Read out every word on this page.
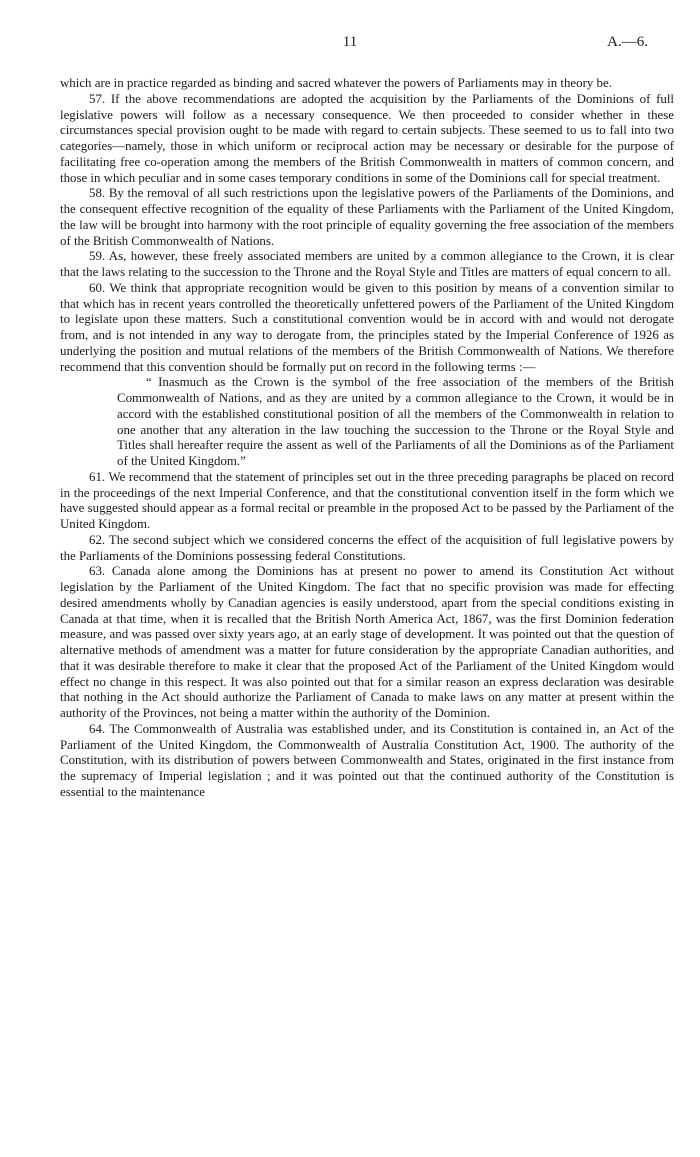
11	A.—6.

which are in practice regarded as binding and sacred whatever the powers of Parliaments may in theory be.

57. If the above recommendations are adopted the acquisition by the Parliaments of the Dominions of full legislative powers will follow as a necessary consequence. We then proceeded to consider whether in these circumstances special provision ought to be made with regard to certain subjects. These seemed to us to fall into two categories—namely, those in which uniform or reciprocal action may be necessary or desirable for the purpose of facilitating free co-operation among the members of the British Commonwealth in matters of common concern, and those in which peculiar and in some cases temporary conditions in some of the Dominions call for special treatment.

58. By the removal of all such restrictions upon the legislative powers of the Parliaments of the Dominions, and the consequent effective recognition of the equality of these Parliaments with the Parliament of the United Kingdom, the law will be brought into harmony with the root principle of equality governing the free association of the members of the British Commonwealth of Nations.

59. As, however, these freely associated members are united by a common allegiance to the Crown, it is clear that the laws relating to the succession to the Throne and the Royal Style and Titles are matters of equal concern to all.

60. We think that appropriate recognition would be given to this position by means of a convention similar to that which has in recent years controlled the theoretically unfettered powers of the Parliament of the United Kingdom to legislate upon these matters. Such a constitutional convention would be in accord with and would not derogate from, and is not intended in any way to derogate from, the principles stated by the Imperial Conference of 1926 as underlying the position and mutual relations of the members of the British Commonwealth of Nations. We therefore recommend that this convention should be formally put on record in the following terms :—

“ Inasmuch as the Crown is the symbol of the free association of the members of the British Commonwealth of Nations, and as they are united by a common allegiance to the Crown, it would be in accord with the established constitutional position of all the members of the Commonwealth in relation to one another that any alteration in the law touching the succession to the Throne or the Royal Style and Titles shall hereafter require the assent as well of the Parliaments of all the Dominions as of the Parliament of the United Kingdom.”

61. We recommend that the statement of principles set out in the three preceding paragraphs be placed on record in the proceedings of the next Imperial Conference, and that the constitutional convention itself in the form which we have suggested should appear as a formal recital or preamble in the proposed Act to be passed by the Parliament of the United Kingdom.

62. The second subject which we considered concerns the effect of the acquisition of full legislative powers by the Parliaments of the Dominions possessing federal Constitutions.

63. Canada alone among the Dominions has at present no power to amend its Constitution Act without legislation by the Parliament of the United Kingdom. The fact that no specific provision was made for effecting desired amendments wholly by Canadian agencies is easily understood, apart from the special conditions existing in Canada at that time, when it is recalled that the British North America Act, 1867, was the first Dominion federation measure, and was passed over sixty years ago, at an early stage of development. It was pointed out that the question of alternative methods of amendment was a matter for future consideration by the appropriate Canadian authorities, and that it was desirable therefore to make it clear that the proposed Act of the Parliament of the United Kingdom would effect no change in this respect. It was also pointed out that for a similar reason an express declaration was desirable that nothing in the Act should authorize the Parliament of Canada to make laws on any matter at present within the authority of the Provinces, not being a matter within the authority of the Dominion.

64. The Commonwealth of Australia was established under, and its Constitution is contained in, an Act of the Parliament of the United Kingdom, the Commonwealth of Australia Constitution Act, 1900. The authority of the Constitution, with its distribution of powers between Commonwealth and States, originated in the first instance from the supremacy of Imperial legislation ; and it was pointed out that the continued authority of the Constitution is essential to the maintenance
